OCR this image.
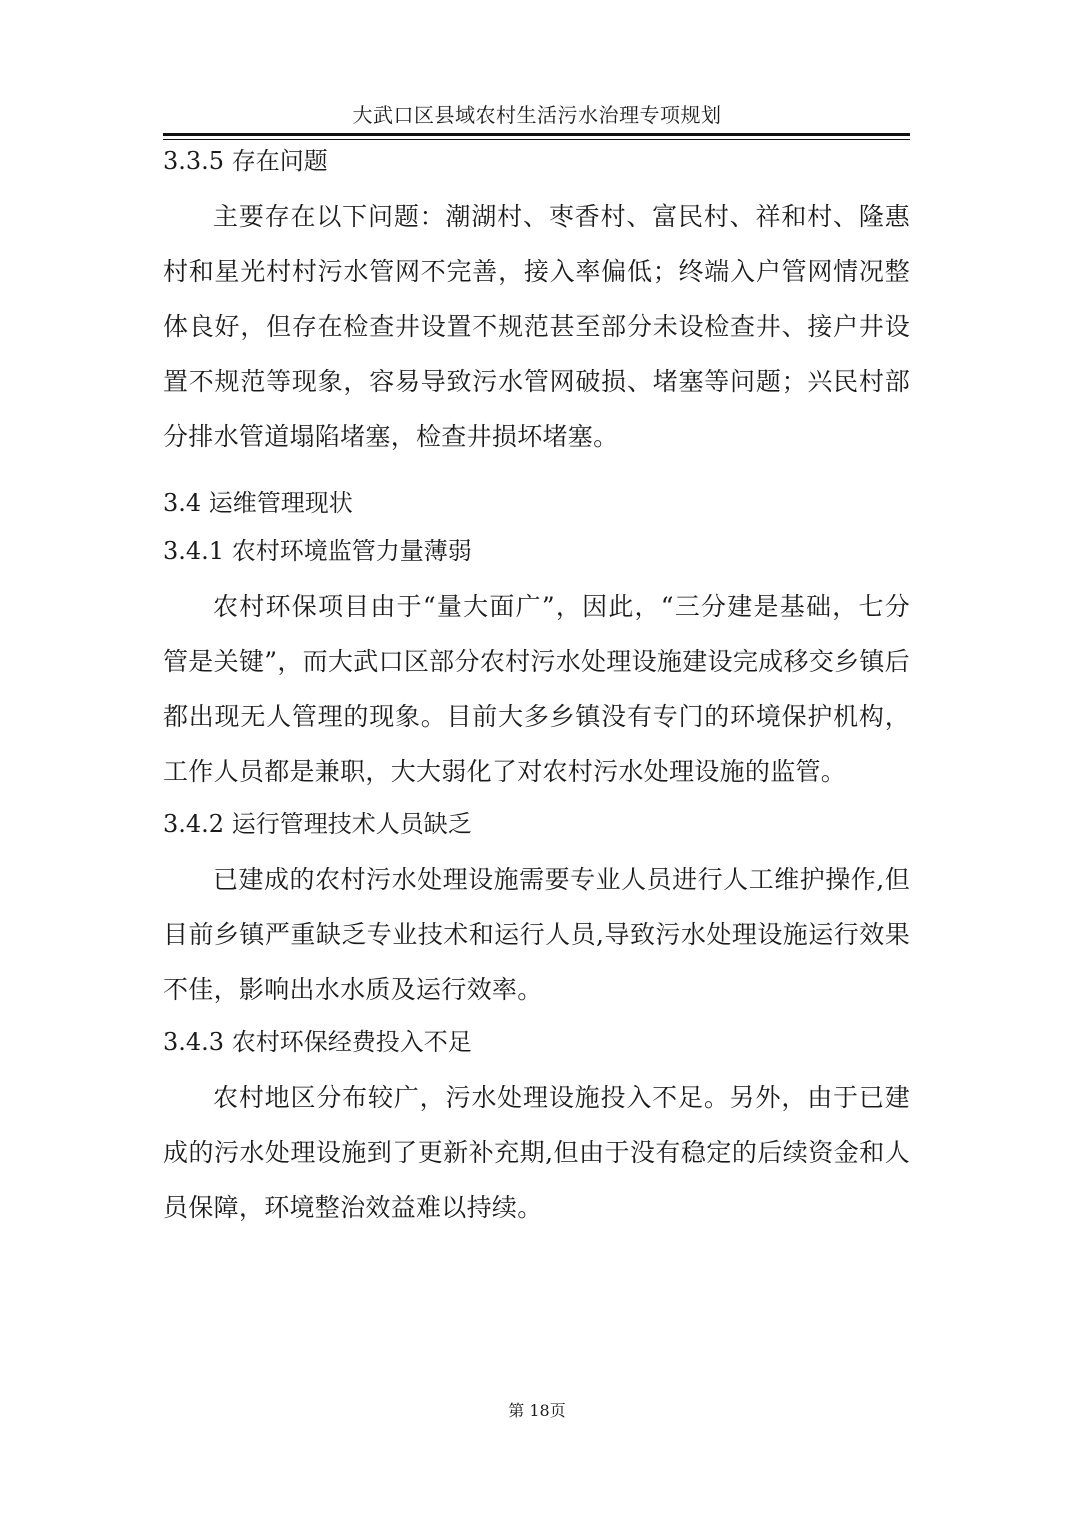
大武口区县域农村生活污水治理专项规划
3.3.5 存在问题

主要存在以下问题：潮湖村、枣香村、富民村、祥和村、隆惠村和星光村村污水管网不完善，接入率偏低；终端入户管网情况整体良好，但存在检查井设置不规范甚至部分未设检查井、接户井设置不规范等现象，容易导致污水管网破损、堵塞等问题；兴民村部分排水管道塌陷堵塞，检查井损坏堵塞。

3.4 运维管理现状
3.4.1 农村环境监管力量薄弱

农村环保项目由于“量大面广”，因此，“三分建是基础，七分管是关键”，而大武口区部分农村污水处理设施建设完成移交乡镇后都出现无人管理的现象。目前大多乡镇没有专门的环境保护机构，工作人员都是兼职，大大弱化了对农村污水处理设施的监管。

3.4.2 运行管理技术人员缺乏

已建成的农村污水处理设施需要专业人员进行人工维护操作,但目前乡镇严重缺乏专业技术和运行人员,导致污水处理设施运行效果不佳，影响出水水质及运行效率。

3.4.3 农村环保经费投入不足

农村地区分布较广，污水处理设施投入不足。另外，由于已建成的污水处理设施到了更新补充期,但由于没有稳定的后续资金和人员保障，环境整治效益难以持续。

第 18页
